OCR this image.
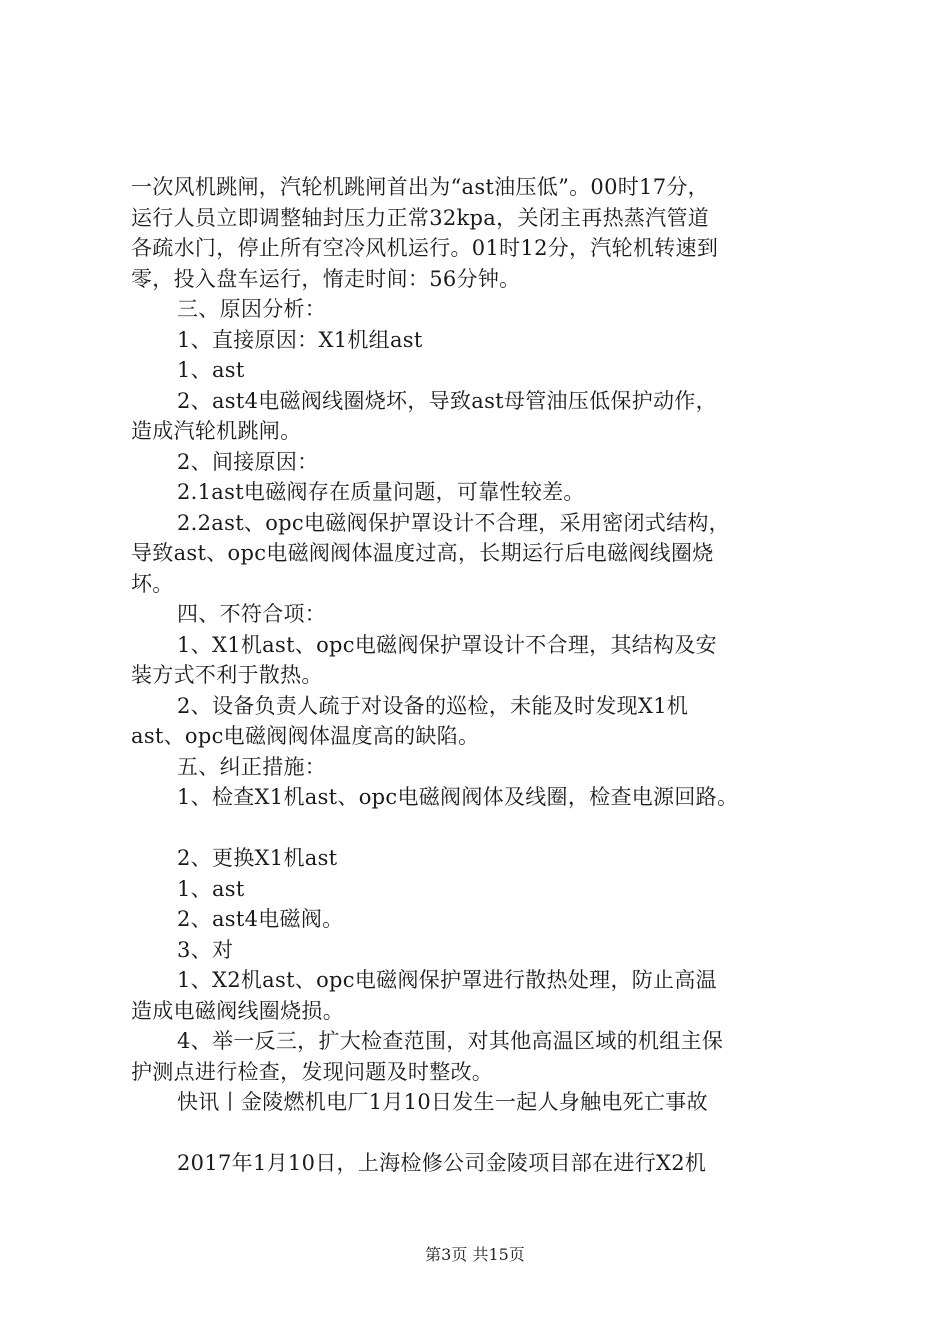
一次风机跳闸，汽轮机跳闸首出为“ast油压低”。00时17分，
运行人员立即调整轴封压力正常32kpa，关闭主再热蒸汽管道
各疏水门，停止所有空冷风机运行。01时12分，汽轮机转速到
零，投入盘车运行，惰走时间：56分钟。
三、原因分析：
1、直接原因：X1机组ast
1、ast
2、ast4电磁阀线圈烧坏，导致ast母管油压低保护动作，
造成汽轮机跳闸。
2、间接原因：
2.1ast电磁阀存在质量问题，可靠性较差。
2.2ast、opc电磁阀保护罩设计不合理，采用密闭式结构，
导致ast、opc电磁阀阀体温度过高，长期运行后电磁阀线圈烧
坏。
四、不符合项：
1、X1机ast、opc电磁阀保护罩设计不合理，其结构及安
装方式不利于散热。
2、设备负责人疏于对设备的巡检，未能及时发现X1机
ast、opc电磁阀阀体温度高的缺陷。
五、纠正措施：
1、检查X1机ast、opc电磁阀阀体及线圈，检查电源回路。
2、更换X1机ast
1、ast
2、ast4电磁阀。
3、对
1、X2机ast、opc电磁阀保护罩进行散热处理，防止高温
造成电磁阀线圈烧损。
4、举一反三，扩大检查范围，对其他高温区域的机组主保
护测点进行检查，发现问题及时整改。
快讯丨金陵燃机电厂1月10日发生一起人身触电死亡事故
2017年1月10日，上海检修公司金陵项目部在进行X2机
第3页 共15页
